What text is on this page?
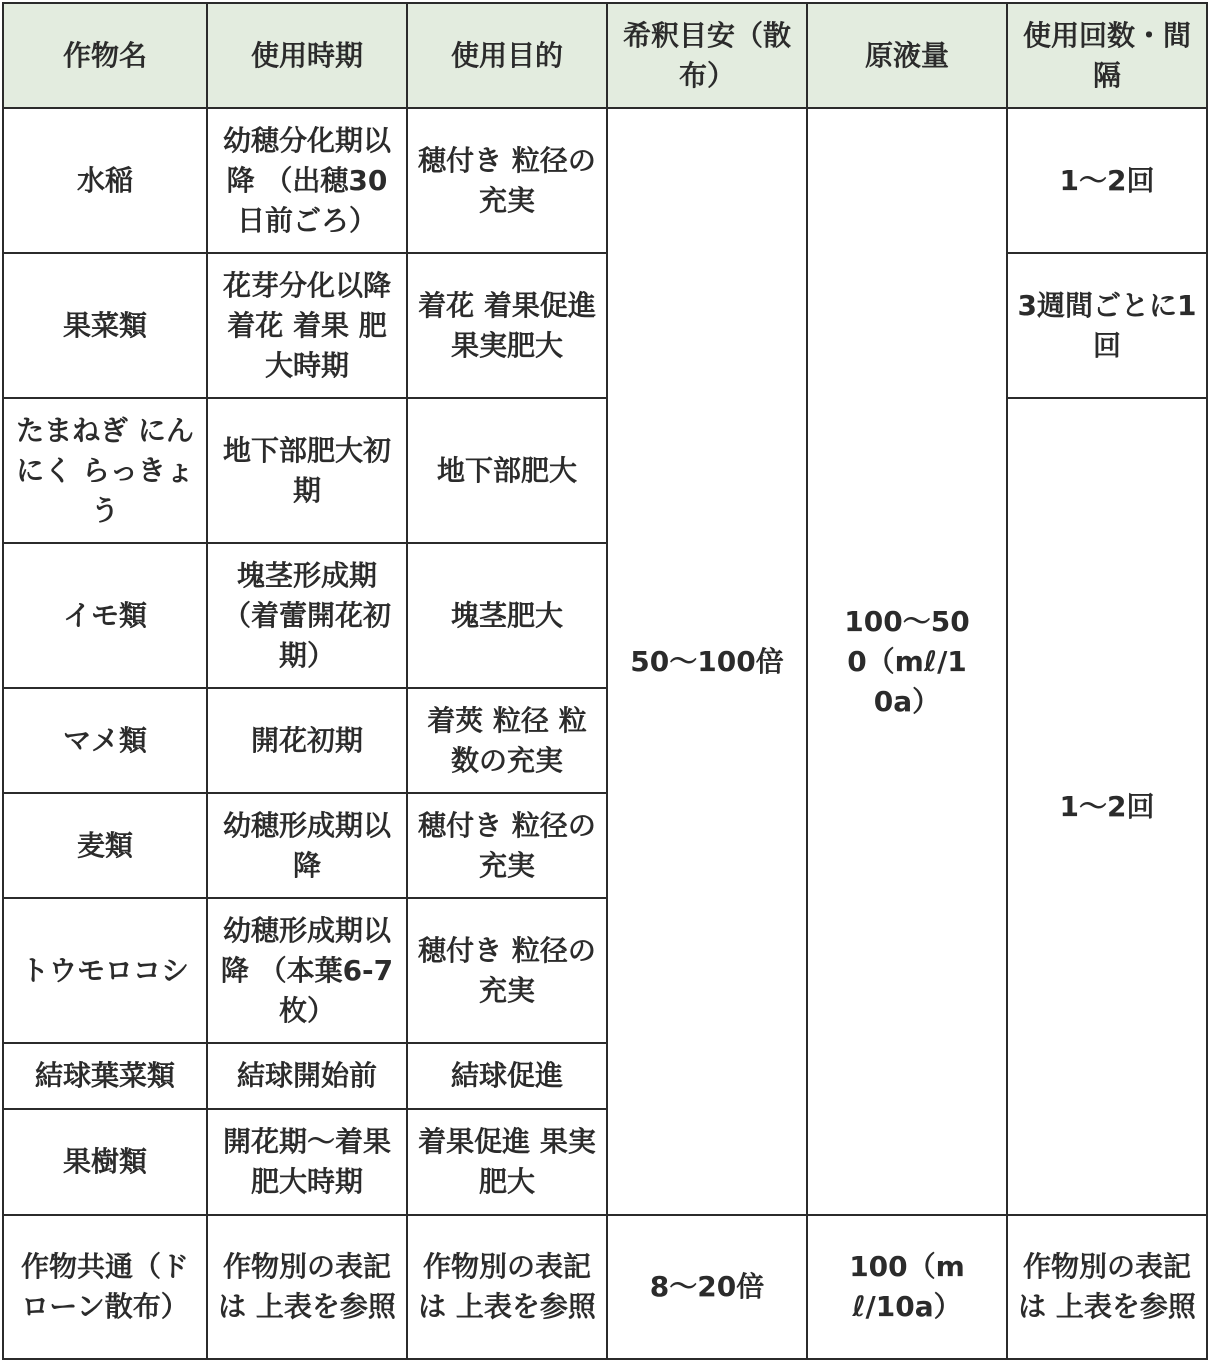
作物名	使用時期	使用目的	希釈目安（散布）	原液量	使用回数・間隔
水稲	幼穂分化期以降 （出穂30日前ごろ）	穂付き 粒径の充実	50〜100倍	100〜500（mℓ/10a）	1〜2回
果菜類	花芽分化以降 着花 着果 肥大時期	着花 着果促進 果実肥大			3週間ごとに1回
たまねぎ にんにく らっきょう	地下部肥大初期	地下部肥大			1〜2回
イモ類	塊茎形成期（着蕾開花初期）	塊茎肥大			
マメ類	開花初期	着莢 粒径 粒数の充実			
麦類	幼穂形成期以降	穂付き 粒径の充実			
トウモロコシ	幼穂形成期以降 （本葉6-7枚）	穂付き 粒径の充実			
結球葉菜類	結球開始前	結球促進			
果樹類	開花期〜着果肥大時期	着果促進 果実肥大			
作物共通（ドローン散布）	作物別の表記は 上表を参照	作物別の表記は 上表を参照	8〜20倍	100（mℓ/10a）	作物別の表記は 上表を参照
